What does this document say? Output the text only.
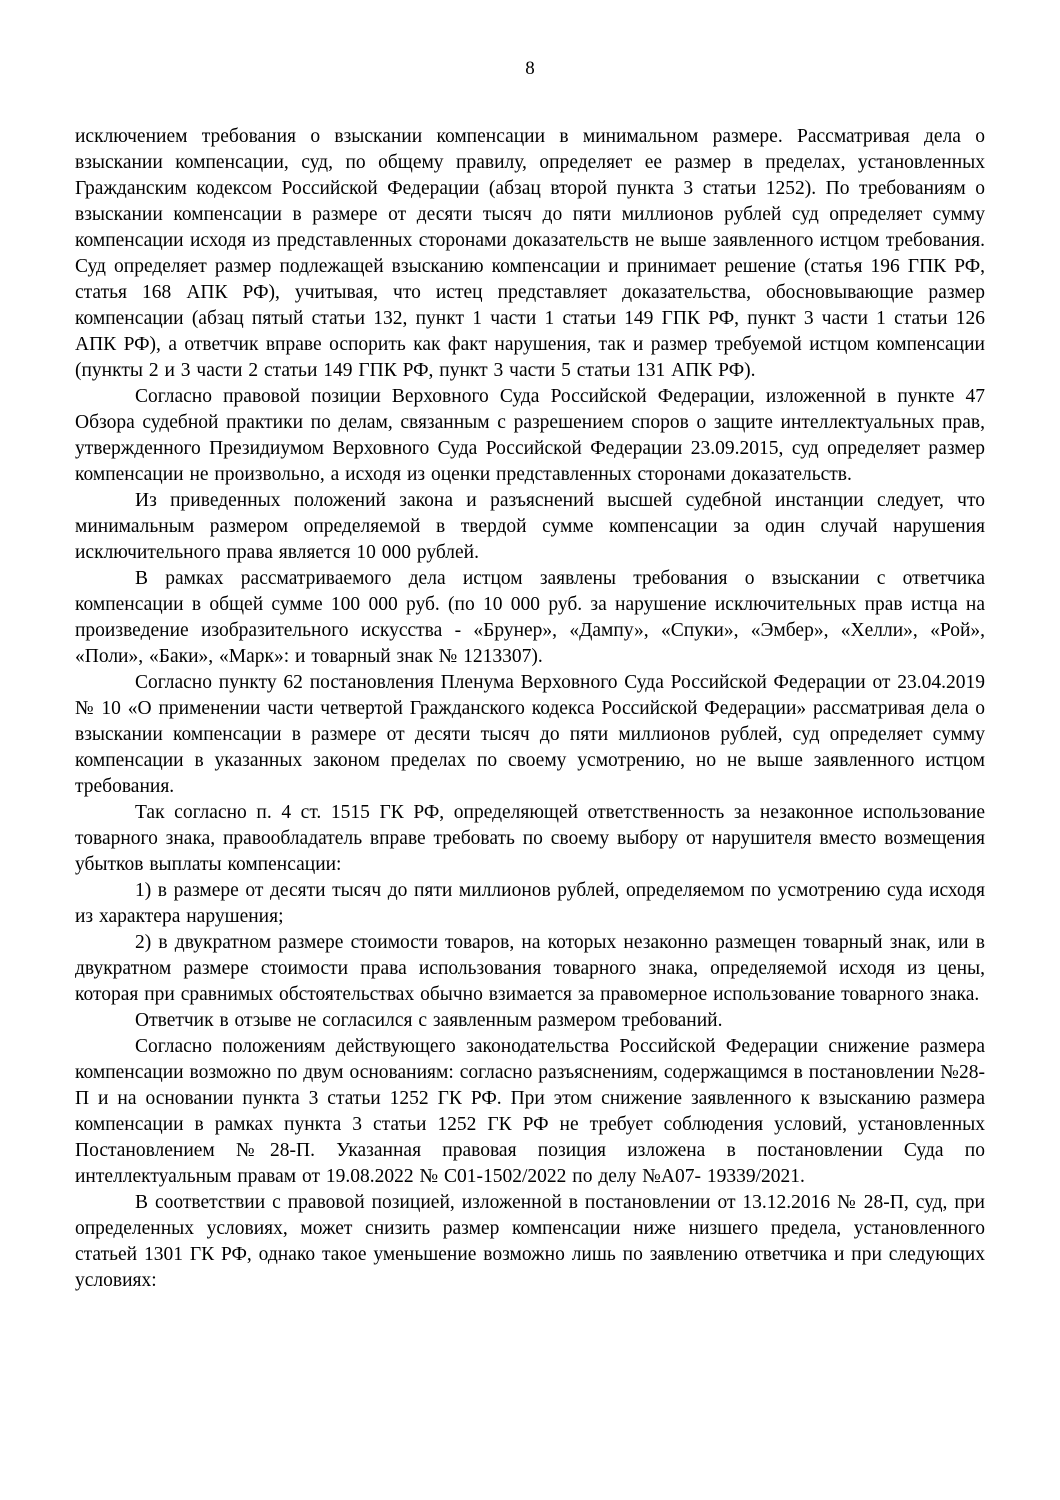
8

исключением требования о взыскании компенсации в минимальном размере. Рассматривая дела о взыскании компенсации, суд, по общему правилу, определяет ее размер в пределах, установленных Гражданским кодексом Российской Федерации (абзац второй пункта 3 статьи 1252). По требованиям о взыскании компенсации в размере от десяти тысяч до пяти миллионов рублей суд определяет сумму компенсации исходя из представленных сторонами доказательств не выше заявленного истцом требования. Суд определяет размер подлежащей взысканию компенсации и принимает решение (статья 196 ГПК РФ, статья 168 АПК РФ), учитывая, что истец представляет доказательства, обосновывающие размер компенсации (абзац пятый статьи 132, пункт 1 части 1 статьи 149 ГПК РФ, пункт 3 части 1 статьи 126 АПК РФ), а ответчик вправе оспорить как факт нарушения, так и размер требуемой истцом компенсации (пункты 2 и 3 части 2 статьи 149 ГПК РФ, пункт 3 части 5 статьи 131 АПК РФ).

Согласно правовой позиции Верховного Суда Российской Федерации, изложенной в пункте 47 Обзора судебной практики по делам, связанным с разрешением споров о защите интеллектуальных прав, утвержденного Президиумом Верховного Суда Российской Федерации 23.09.2015, суд определяет размер компенсации не произвольно, а исходя из оценки представленных сторонами доказательств.

Из приведенных положений закона и разъяснений высшей судебной инстанции следует, что минимальным размером определяемой в твердой сумме компенсации за один случай нарушения исключительного права является 10 000 рублей.

В рамках рассматриваемого дела истцом заявлены требования о взыскании с ответчика компенсации в общей сумме 100 000 руб. (по 10 000 руб. за нарушение исключительных прав истца на произведение изобразительного искусства - «Брунер», «Дампу», «Спуки», «Эмбер», «Хелли», «Рой», «Поли», «Баки», «Марк»: и товарный знак № 1213307).

Согласно пункту 62 постановления Пленума Верховного Суда Российской Федерации от 23.04.2019 № 10 «О применении части четвертой Гражданского кодекса Российской Федерации» рассматривая дела о взыскании компенсации в размере от десяти тысяч до пяти миллионов рублей, суд определяет сумму компенсации в указанных законом пределах по своему усмотрению, но не выше заявленного истцом требования.

Так согласно п. 4 ст. 1515 ГК РФ, определяющей ответственность за незаконное использование товарного знака, правообладатель вправе требовать по своему выбору от нарушителя вместо возмещения убытков выплаты компенсации:

1) в размере от десяти тысяч до пяти миллионов рублей, определяемом по усмотрению суда исходя из характера нарушения;

2) в двукратном размере стоимости товаров, на которых незаконно размещен товарный знак, или в двукратном размере стоимости права использования товарного знака, определяемой исходя из цены, которая при сравнимых обстоятельствах обычно взимается за правомерное использование товарного знака.

Ответчик в отзыве не согласился с заявленным размером требований.

Согласно положениям действующего законодательства Российской Федерации снижение размера компенсации возможно по двум основаниям: согласно разъяснениям, содержащимся в постановлении №28-П и на основании пункта 3 статьи 1252 ГК РФ. При этом снижение заявленного к взысканию размера компенсации в рамках пункта 3 статьи 1252 ГК РФ не требует соблюдения условий, установленных Постановлением №28-П. Указанная правовая позиция изложена в постановлении Суда по интеллектуальным правам от 19.08.2022 № С01-1502/2022 по делу №А07- 19339/2021.

В соответствии с правовой позицией, изложенной в постановлении от 13.12.2016 № 28-П, суд, при определенных условиях, может снизить размер компенсации ниже низшего предела, установленного статьей 1301 ГК РФ, однако такое уменьшение возможно лишь по заявлению ответчика и при следующих условиях:
